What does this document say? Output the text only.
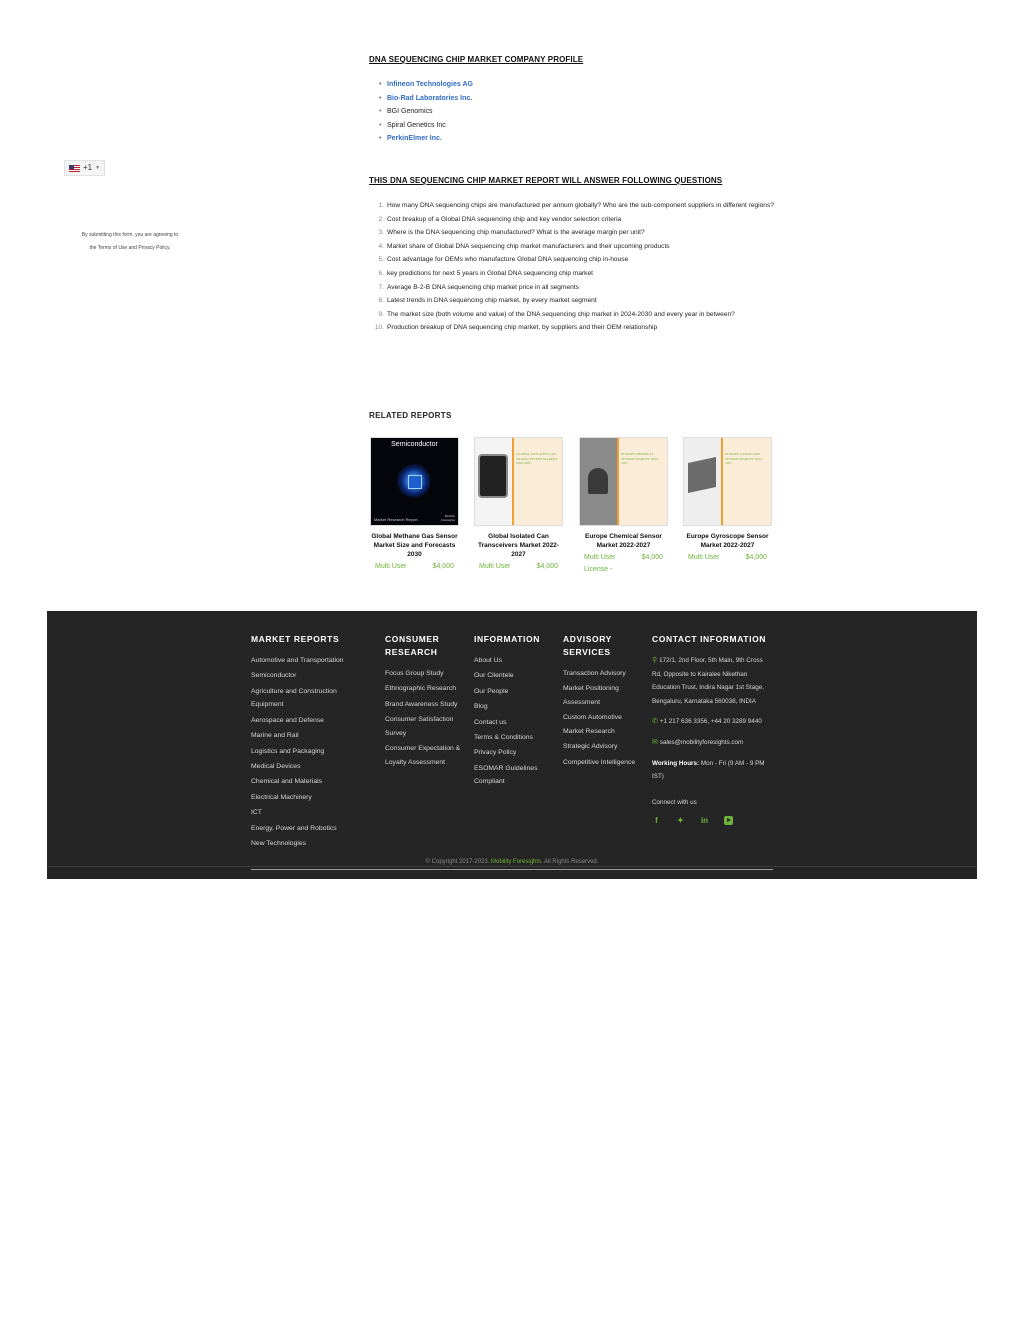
+1 ▼
By submitting this form, you are agreeing to
the Terms of Use and Privacy Policy.
DNA SEQUENCING CHIP MARKET COMPANY PROFILE
• Infineon Technologies AG
• Bio-Rad Laboratories Inc.
• BGI Genomics
• Spiral Genetics Inc
• PerkinElmer Inc.
THIS DNA SEQUENCING CHIP MARKET REPORT WILL ANSWER FOLLOWING QUESTIONS
1. How many DNA sequencing chips are manufactured per annum globally? Who are the sub-component suppliers in different regions?
2. Cost breakup of a Global DNA sequencing chip and key vendor selection criteria
3. Where is the DNA sequencing chip manufactured? What is the average margin per unit?
4. Market share of Global DNA sequencing chip market manufacturers and their upcoming products
5. Cost advantage for OEMs who manufacture Global DNA sequencing chip in-house
6. key predictions for next 5 years in Global DNA sequencing chip market
7. Average B-2-B DNA sequencing chip market price in all segments
8. Latest trends in DNA sequencing chip market, by every market segment
9. The market size (both volume and value) of the DNA sequencing chip market in 2024-2030 and every year in between?
10. Production breakup of DNA sequencing chip market, by suppliers and their OEM relationship
RELATED REPORTS
Semiconductor
Market Research Report
Mobility Foresights
Global Methane Gas Sensor Market Size and Forecasts 2030
Multi User	$4,000
GLOBAL ISOLATED CAN TRANSCEIVERS MARKET 2022-2027
Global Isolated Can Transceivers Market 2022-2027
Multi User	$4,000
EUROPE CHEMICAL SENSOR MARKET 2022-2027
Europe Chemical Sensor Market 2022-2027
Multi User License -
$4,000
EUROPE GYROSCOPE SENSOR MARKET 2022-2027
Europe Gyroscope Sensor Market 2022-2027
Multi User	$4,000
MARKET REPORTS
Automotive and Transportation
Semiconductor
Agriculture and Construction Equipment
Aerospace and Defense
Marine and Rail
Logistics and Packaging
Medical Devices
Chemical and Materials
Electrical Machinery
ICT
Energy, Power and Robotics
New Technologies
CONSUMER RESEARCH
Focus Group Study
Ethnographic Research
Brand Awareness Study
Consumer Satisfaction Survey
Consumer Expectation & Loyalty Assessment
INFORMATION
About Us
Our Clientele
Our People
Blog
Contact us
Terms & Conditions
Privacy Policy
ESOMAR Guidelines Compliant
ADVISORY SERVICES
Transaction Advisory
Market Positioning Assessment
Custom Automotive Market Research
Strategic Advisory
Competitive Intelligence
CONTACT INFORMATION

⚲ 172/1, 2nd Floor, 5th Main, 9th Cross Rd, Opposite to Kairalee Nikethan Education Trust, Indira Nagar 1st Stage, Bengaluru, Karnataka 560038, INDIA

✆ +1 217 636 3356, +44 20 3289 9440

✉ sales@mobilityforesights.com

Working Hours: Mon - Fri (9 AM - 9 PM IST)

Connect with us

f	✦ in
© Copyright 2017-2023. Mobility Foresights. All Rights Reserved.
